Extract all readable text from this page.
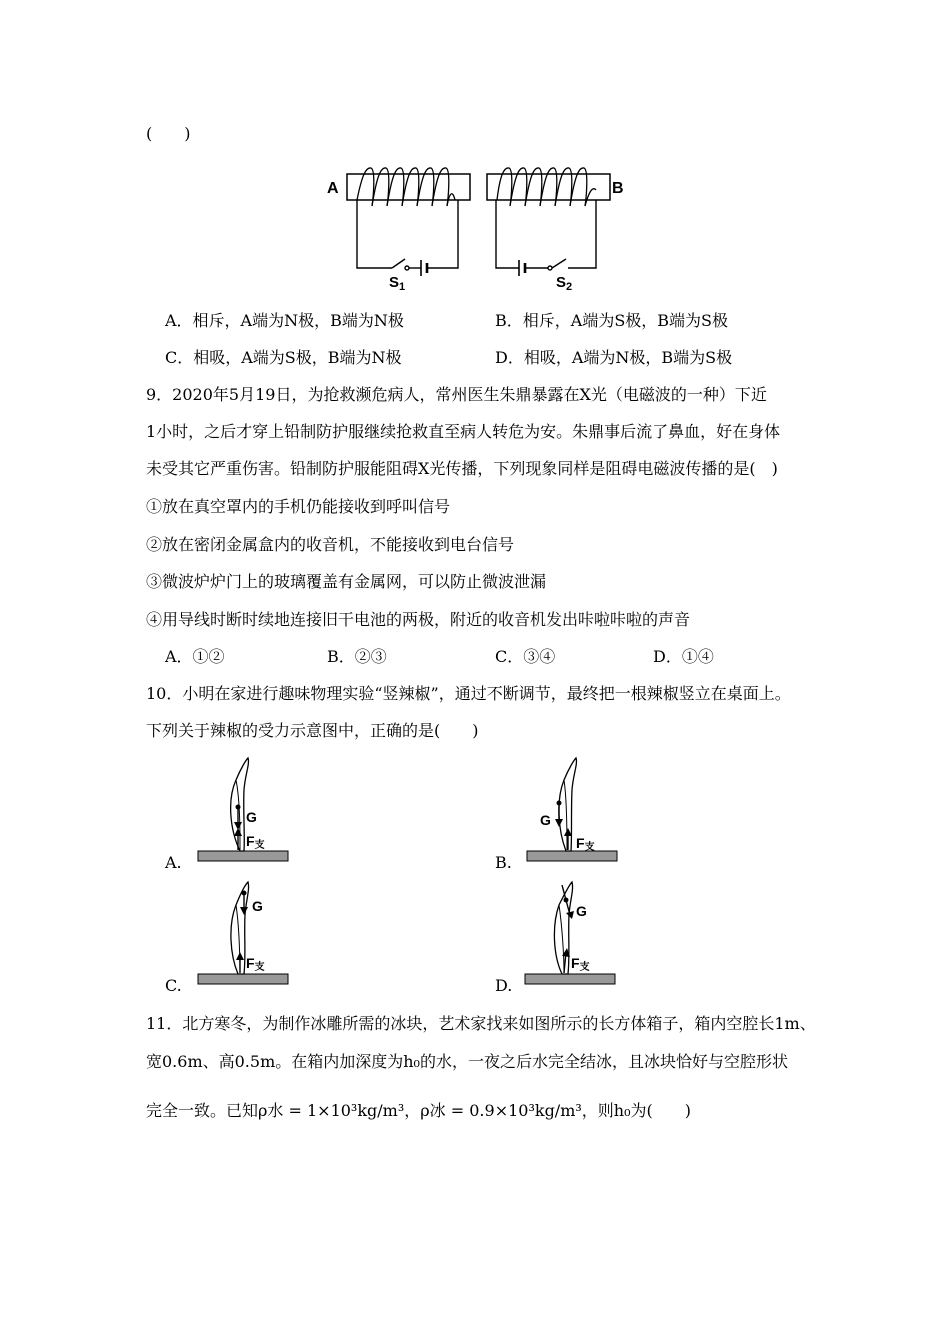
(　　)
A	B
$S_1$	$S_2$
A．相斥，A端为N极，B端为N极	B．相斥，A端为S极，B端为S极
C．相吸，A端为S极，B端为N极	D．相吸，A端为N极，B端为S极
9．2020年5月19日，为抢救濒危病人，常州医生朱鼎暴露在X光（电磁波的一种）下近
1小时，之后才穿上铅制防护服继续抢救直至病人转危为安。朱鼎事后流了鼻血，好在身体
未受其它严重伤害。铅制防护服能阻碍X光传播，下列现象同样是阻碍电磁波传播的是(　)
①放在真空罩内的手机仍能接收到呼叫信号
②放在密闭金属盒内的收音机，不能接收到电台信号
③微波炉炉门上的玻璃覆盖有金属网，可以防止微波泄漏
④用导线时断时续地连接旧干电池的两极，附近的收音机发出咔啦咔啦的声音
A．①②	B．②③	C．③④	D．①④
10．小明在家进行趣味物理实验“竖辣椒”，通过不断调节，最终把一根辣椒竖立在桌面上。
下列关于辣椒的受力示意图中，正确的是(　　)
G
F支
G
F支
G
F支
G
F支
A.	B.
C.	D.
11．北方寒冬，为制作冰雕所需的冰块，艺术家找来如图所示的长方体箱子，箱内空腔长1m、
宽0.6m、高0.5m。在箱内加深度为h₀的水，一夜之后水完全结冰，且冰块恰好与空腔形状
完全一致。已知ρ水 = 1×10³kg/m³，ρ冰 = 0.9×10³kg/m³，则h₀为(　　)
